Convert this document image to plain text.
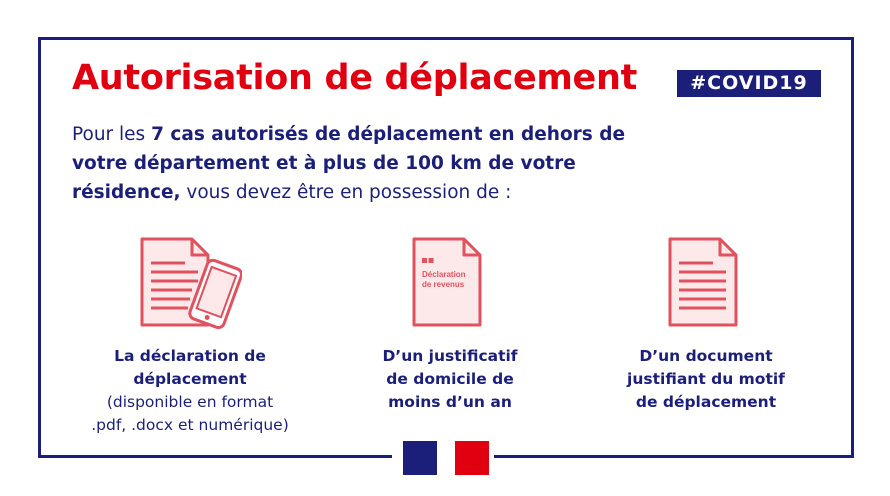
Autorisation de déplacement	#COVID19

Pour les 7 cas autorisés de déplacement en dehors de votre département et à plus de 100 km de votre résidence, vous devez être en possession de :

Déclaration
de revenus
La déclaration de
déplacement
(disponible en format
.pdf, .docx et numérique)
D’un justificatif
de domicile de
moins d’un an
D’un document
justifiant du motif
de déplacement
